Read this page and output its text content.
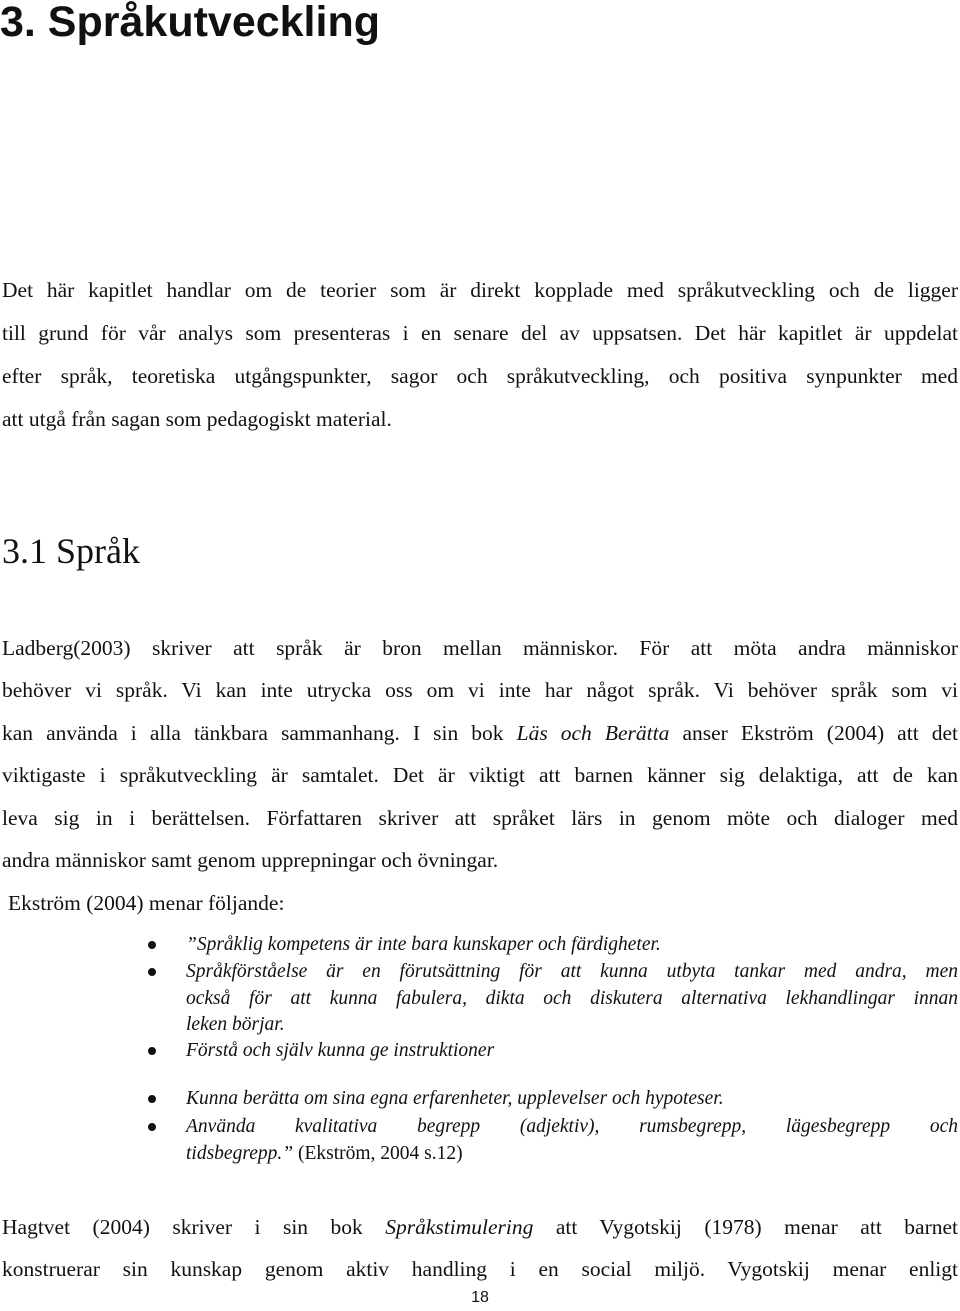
3. Språkutveckling

Det här kapitlet handlar om de teorier som är direkt kopplade med språkutveckling och de ligger
till grund för vår analys som presenteras i en senare del av uppsatsen. Det här kapitlet är uppdelat
efter språk, teoretiska utgångspunkter, sagor och språkutveckling, och positiva synpunkter med
att utgå från sagan som pedagogiskt material.

3.1 Språk

Ladberg(2003) skriver att språk är bron mellan människor. För att möta andra människor
behöver vi språk. Vi kan inte utrycka oss om vi inte har något språk. Vi behöver språk som vi
kan använda i alla tänkbara sammanhang. I sin bok Läs och Berätta anser Ekström (2004) att det
viktigaste i språkutveckling är samtalet. Det är viktigt att barnen känner sig delaktiga, att de kan
leva sig in i berättelsen. Författaren skriver att språket lärs in genom möte och dialoger med
andra människor samt genom upprepningar och övningar.

Ekström (2004) menar följande:

”Språklig kompetens är inte bara kunskaper och färdigheter.
Språkförståelse är en förutsättning för att kunna utbyta tankar med andra, men
också för att kunna fabulera, dikta och diskutera alternativa lekhandlingar innan
leken börjar.
Förstå och själv kunna ge instruktioner
Kunna berätta om sina egna erfarenheter, upplevelser och hypoteser.
Använda kvalitativa begrepp (adjektiv), rumsbegrepp, lägesbegrepp och
tidsbegrepp.” (Ekström, 2004 s.12)

Hagtvet (2004) skriver i sin bok Språkstimulering att Vygotskij (1978) menar att barnet
konstruerar sin kunskap genom aktiv handling i en social miljö. Vygotskij menar enligt

18
